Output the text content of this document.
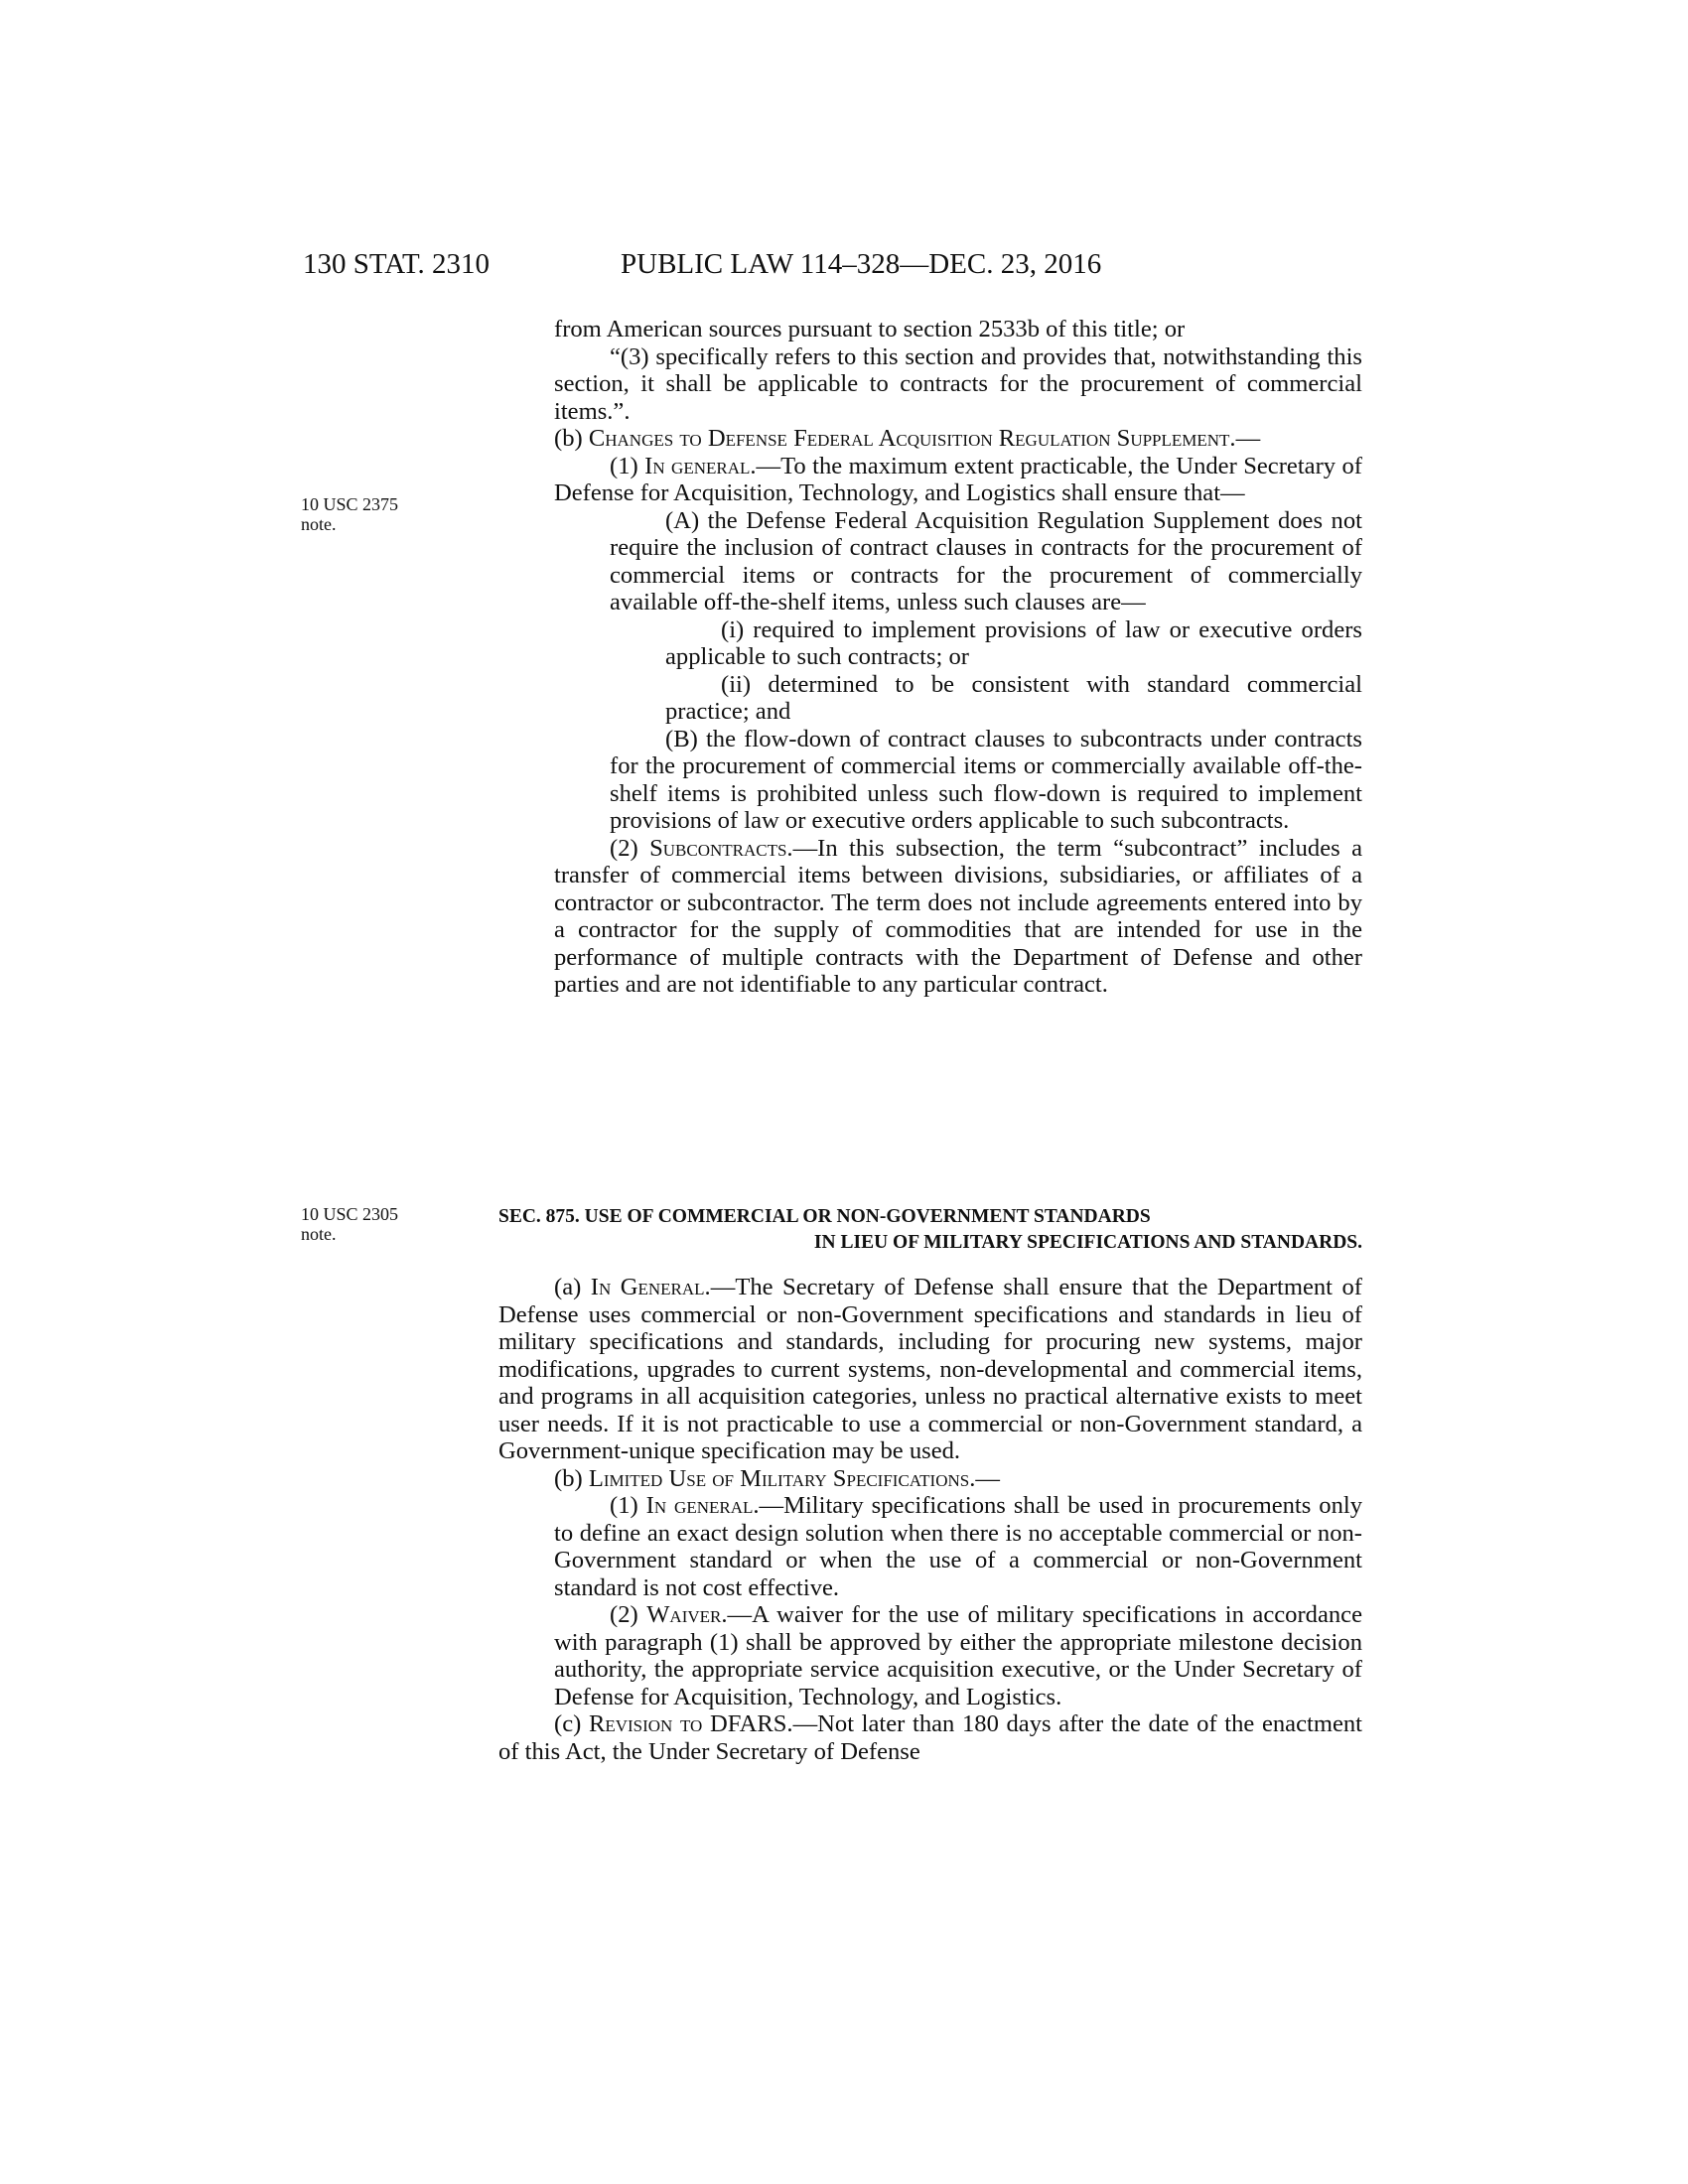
130 STAT. 2310	PUBLIC LAW 114–328—DEC. 23, 2016
10 USC 2375
note.
10 USC 2305
note.

from American sources pursuant to section 2533b of this title; or

“(3) specifically refers to this section and provides that, notwithstanding this section, it shall be applicable to contracts for the procurement of commercial items.”.

(b) Changes to Defense Federal Acquisition Regulation Supplement.—

(1) In general.—To the maximum extent practicable, the Under Secretary of Defense for Acquisition, Technology, and Logistics shall ensure that—

(A) the Defense Federal Acquisition Regulation Supplement does not require the inclusion of contract clauses in contracts for the procurement of commercial items or contracts for the procurement of commercially available off-the-shelf items, unless such clauses are—

(i) required to implement provisions of law or executive orders applicable to such contracts; or

(ii) determined to be consistent with standard commercial practice; and

(B) the flow-down of contract clauses to subcontracts under contracts for the procurement of commercial items or commercially available off-the-shelf items is prohibited unless such flow-down is required to implement provisions of law or executive orders applicable to such subcontracts.

(2) Subcontracts.—In this subsection, the term “subcontract” includes a transfer of commercial items between divisions, subsidiaries, or affiliates of a contractor or subcontractor. The term does not include agreements entered into by a contractor for the supply of commodities that are intended for use in the performance of multiple contracts with the Department of Defense and other parties and are not identifiable to any particular contract.

SEC. 875. USE OF COMMERCIAL OR NON-GOVERNMENT STANDARDS
IN LIEU OF MILITARY SPECIFICATIONS AND STANDARDS.

(a) In General.—The Secretary of Defense shall ensure that the Department of Defense uses commercial or non-Government specifications and standards in lieu of military specifications and standards, including for procuring new systems, major modifications, upgrades to current systems, non-developmental and commercial items, and programs in all acquisition categories, unless no practical alternative exists to meet user needs. If it is not practicable to use a commercial or non-Government standard, a Government-unique specification may be used.

(b) Limited Use of Military Specifications.—

(1) In general.—Military specifications shall be used in procurements only to define an exact design solution when there is no acceptable commercial or non-Government standard or when the use of a commercial or non-Government standard is not cost effective.

(2) Waiver.—A waiver for the use of military specifications in accordance with paragraph (1) shall be approved by either the appropriate milestone decision authority, the appropriate service acquisition executive, or the Under Secretary of Defense for Acquisition, Technology, and Logistics.

(c) Revision to DFARS.—Not later than 180 days after the date of the enactment of this Act, the Under Secretary of Defense
